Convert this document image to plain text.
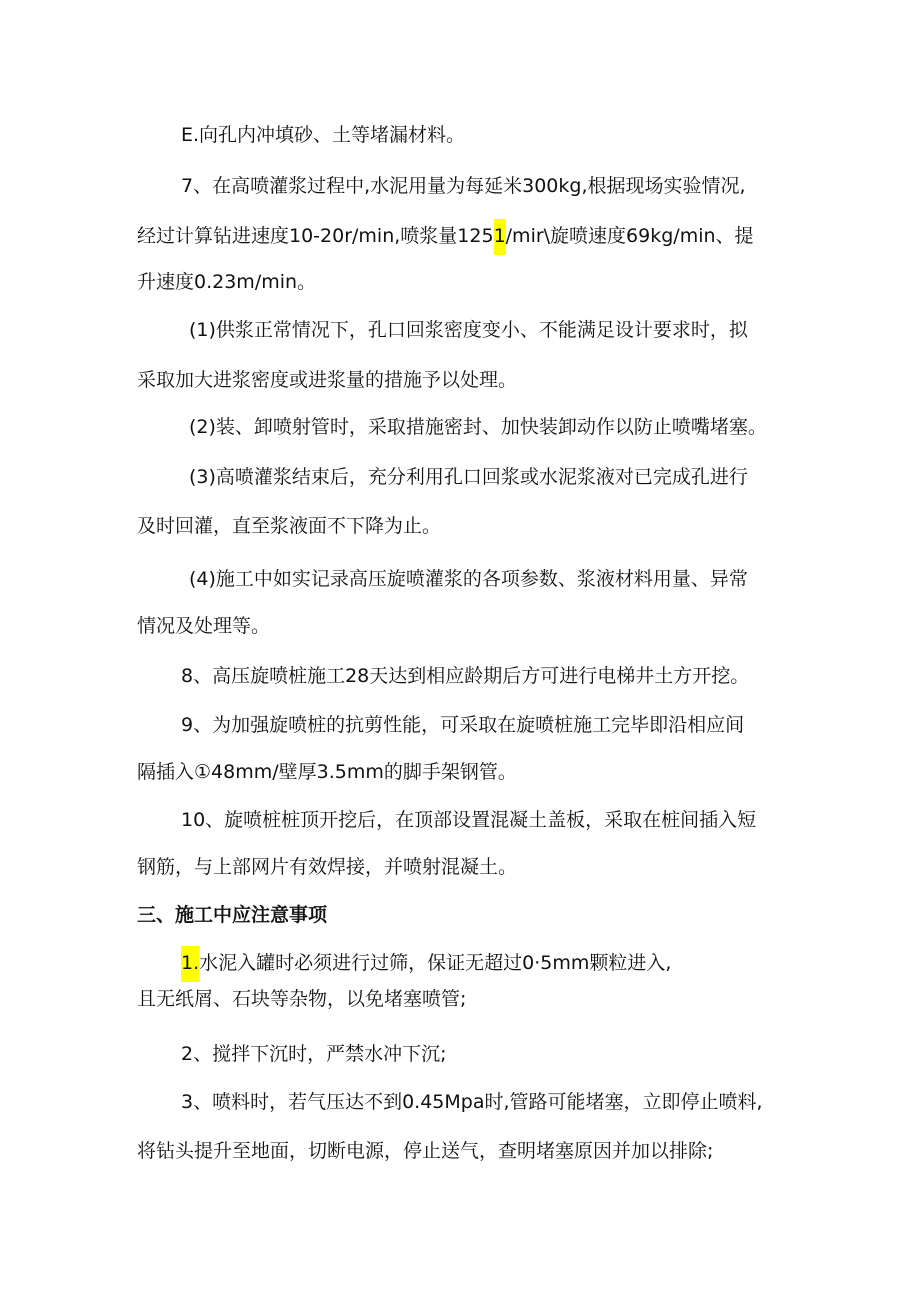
E.向孔内冲填砂、土等堵漏材料。
7、在高喷灌浆过程中,水泥用量为每延米300kg,根据现场实验情况,
经过计算钻进速度10-20r/min,喷浆量1251/mir\旋喷速度69kg/min、提
升速度0.23m/min。
(1)供浆正常情况下，孔口回浆密度变小、不能满足设计要求时，拟
采取加大进浆密度或进浆量的措施予以处理。
(2)装、卸喷射管时，采取措施密封、加快装卸动作以防止喷嘴堵塞。
(3)高喷灌浆结束后，充分利用孔口回浆或水泥浆液对已完成孔进行
及时回灌，直至浆液面不下降为止。
(4)施工中如实记录高压旋喷灌浆的各项参数、浆液材料用量、异常
情况及处理等。
8、高压旋喷桩施工28天达到相应龄期后方可进行电梯井土方开挖。
9、为加强旋喷桩的抗剪性能，可采取在旋喷桩施工完毕即沿相应间
隔插入①48mm/壁厚3.5mm的脚手架钢管。
10、旋喷桩桩顶开挖后，在顶部设置混凝土盖板，采取在桩间插入短
钢筋，与上部网片有效焊接，并喷射混凝土。
三、施工中应注意事项
1.水泥入罐时必须进行过筛，保证无超过0·5mm颗粒进入,
且无纸屑、石块等杂物，以免堵塞喷管;
2、搅拌下沉时，严禁水冲下沉;
3、喷料时，若气压达不到0.45Mpa时,管路可能堵塞，立即停止喷料,
将钻头提升至地面，切断电源，停止送气，查明堵塞原因并加以排除;
